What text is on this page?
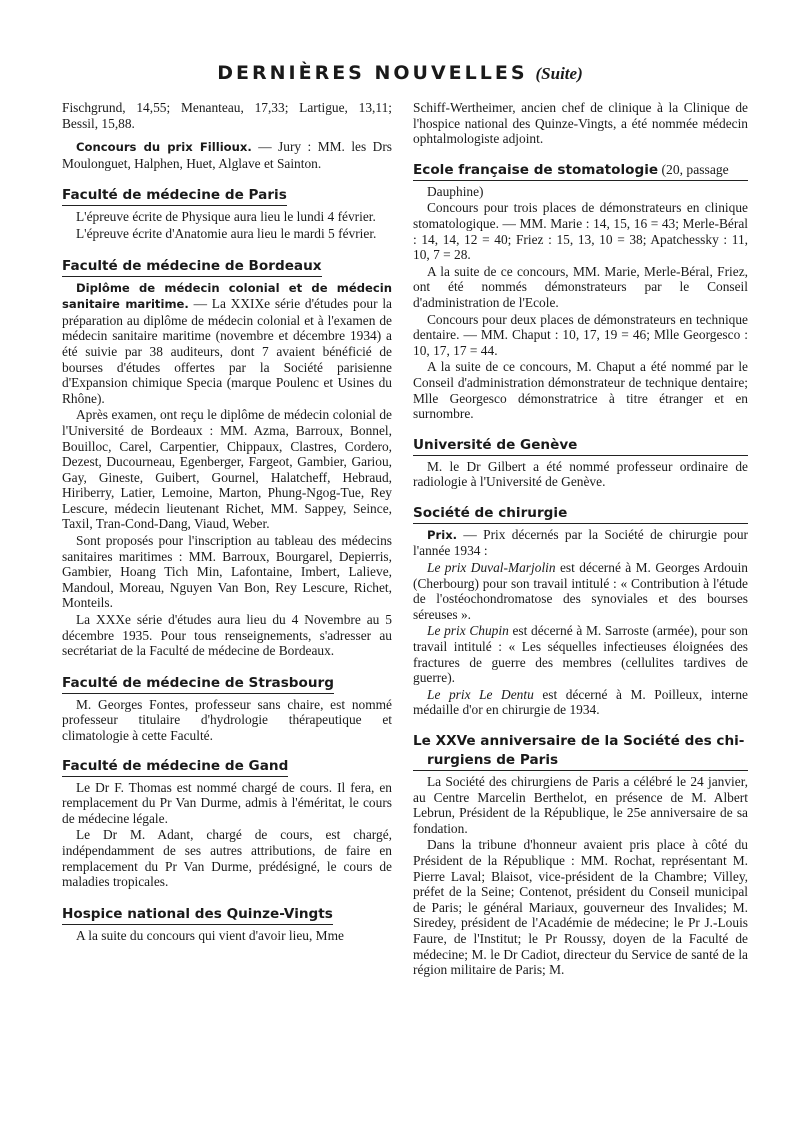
DERNIÈRES NOUVELLES (Suite)

Fischgrund, 14,55; Menanteau, 17,33; Lartigue, 13,11; Bessil, 15,88.

Concours du prix Fillioux. — Jury : MM. les Drs Moulonguet, Halphen, Huet, Alglave et Sainton.

Faculté de médecine de Paris

L'épreuve écrite de Physique aura lieu le lundi 4 février.

L'épreuve écrite d'Anatomie aura lieu le mardi 5 février.

Faculté de médecine de Bordeaux

Diplôme de médecin colonial et de médecin sanitaire maritime. — La XXIXe série d'études pour la préparation au diplôme de médecin colonial et à l'examen de médecin sanitaire maritime (novembre et décembre 1934) a été suivie par 38 auditeurs, dont 7 avaient bénéficié de bourses d'études offertes par la Société parisienne d'Expansion chimique Specia (marque Poulenc et Usines du Rhône).

Après examen, ont reçu le diplôme de médecin colonial de l'Université de Bordeaux : MM. Azma, Barroux, Bonnel, Bouilloc, Carel, Carpentier, Chippaux, Clastres, Cordero, Dezest, Ducourneau, Egenberger, Fargeot, Gambier, Gariou, Gay, Gineste, Guibert, Gournel, Halatcheff, Hebraud, Hiriberry, Latier, Lemoine, Marton, Phung-Ngog-Tue, Rey Lescure, médecin lieutenant Richet, MM. Sappey, Seince, Taxil, Tran-Cond-Dang, Viaud, Weber.

Sont proposés pour l'inscription au tableau des médecins sanitaires maritimes : MM. Barroux, Bourgarel, Depierris, Gambier, Hoang Tich Min, Lafontaine, Imbert, Lalieve, Mandoul, Moreau, Nguyen Van Bon, Rey Lescure, Richet, Monteils.

La XXXe série d'études aura lieu du 4 Novembre au 5 décembre 1935. Pour tous renseignements, s'adresser au secrétariat de la Faculté de médecine de Bordeaux.

Faculté de médecine de Strasbourg

M. Georges Fontes, professeur sans chaire, est nommé professeur titulaire d'hydrologie thérapeutique et climatologie à cette Faculté.

Faculté de médecine de Gand

Le Dr F. Thomas est nommé chargé de cours. Il fera, en remplacement du Pr Van Durme, admis à l'éméritat, le cours de médecine légale.

Le Dr M. Adant, chargé de cours, est chargé, indépendamment de ses autres attributions, de faire en remplacement du Pr Van Durme, prédésigné, le cours de maladies tropicales.

Hospice national des Quinze-Vingts

A la suite du concours qui vient d'avoir lieu, Mme

Schiff-Wertheimer, ancien chef de clinique à la Clinique de l'hospice national des Quinze-Vingts, a été nommée médecin ophtalmologiste adjoint.

Ecole française de stomatologie (20, passage

Dauphine)

Concours pour trois places de démonstrateurs en clinique stomatologique. — MM. Marie : 14, 15, 16 = 43; Merle-Béral : 14, 14, 12 = 40; Friez : 15, 13, 10 = 38; Apatchessky : 11, 10, 7 = 28.

A la suite de ce concours, MM. Marie, Merle-Béral, Friez, ont été nommés démonstrateurs par le Conseil d'administration de l'Ecole.

Concours pour deux places de démonstrateurs en technique dentaire. — MM. Chaput : 10, 17, 19 = 46; Mlle Georgesco : 10, 17, 17 = 44.

A la suite de ce concours, M. Chaput a été nommé par le Conseil d'administration démonstrateur de technique dentaire; Mlle Georgesco démonstratrice à titre étranger et en surnombre.

Université de Genève

M. le Dr Gilbert a été nommé professeur ordinaire de radiologie à l'Université de Genève.

Société de chirurgie

Prix. — Prix décernés par la Société de chirurgie pour l'année 1934 :

Le prix Duval-Marjolin est décerné à M. Georges Ardouin (Cherbourg) pour son travail intitulé : « Contribution à l'étude de l'ostéochondromatose des synoviales et des bourses séreuses ».

Le prix Chupin est décerné à M. Sarroste (armée), pour son travail intitulé : « Les séquelles infectieuses éloignées des fractures de guerre des membres (cellulites tardives de guerre).

Le prix Le Dentu est décerné à M. Poilleux, interne médaille d'or en chirurgie de 1934.

Le XXVe anniversaire de la Société des chi-
rurgiens de Paris

La Société des chirurgiens de Paris a célébré le 24 janvier, au Centre Marcelin Berthelot, en présence de M. Albert Lebrun, Président de la République, le 25e anniversaire de sa fondation.

Dans la tribune d'honneur avaient pris place à côté du Président de la République : MM. Rochat, représentant M. Pierre Laval; Blaisot, vice-président de la Chambre; Villey, préfet de la Seine; Contenot, président du Conseil municipal de Paris; le général Mariaux, gouverneur des Invalides; M. Siredey, président de l'Académie de médecine; le Pr J.-Louis Faure, de l'Institut; le Pr Roussy, doyen de la Faculté de médecine; M. le Dr Cadiot, directeur du Service de santé de la région militaire de Paris; M.
